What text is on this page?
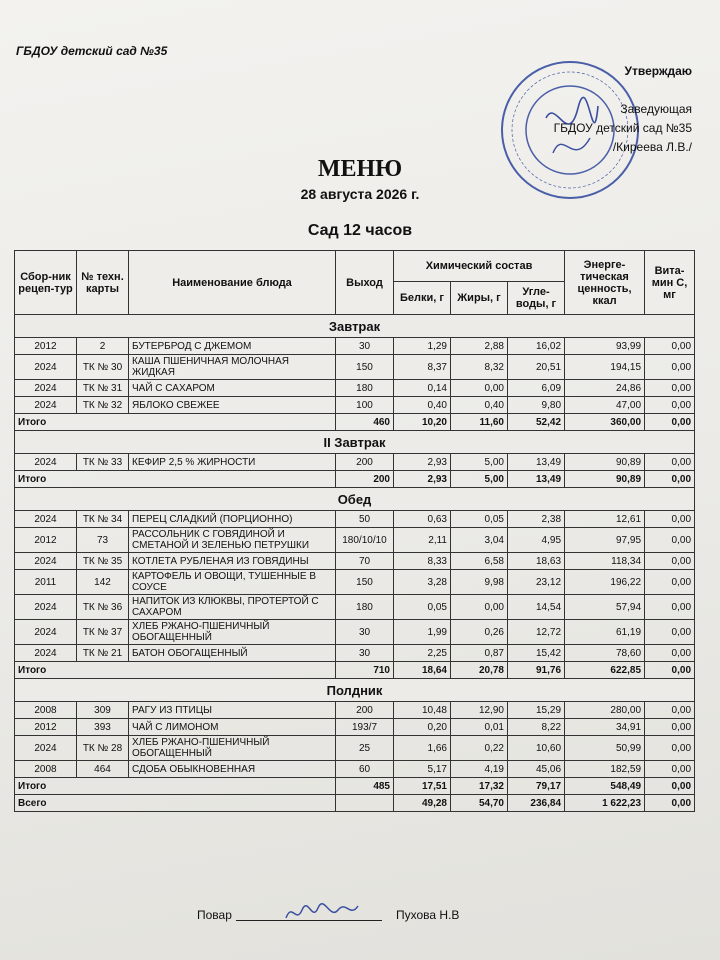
ГБДОУ детский сад №35
Утверждаю
Заведующая
ГБДОУ детский сад №35
/Киреева Л.В./
МЕНЮ
28 августа 2026 г.
Сад 12 часов
Сбор-ник рецеп-тур	№ техн. карты	Наименование блюда	Выход	Химический состав			Энерге-тическая ценность, ккал	Вита-мин С, мг
				Белки, г	Жиры, г	Угле-воды, г		
Завтрак								
2012	2	БУТЕРБРОД С ДЖЕМОМ	30	1,29	2,88	16,02	93,99	0,00
2024	ТК № 30	КАША ПШЕНИЧНАЯ МОЛОЧНАЯ ЖИДКАЯ	150	8,37	8,32	20,51	194,15	0,00
2024	ТК № 31	ЧАЙ С САХАРОМ	180	0,14	0,00	6,09	24,86	0,00
2024	ТК № 32	ЯБЛОКО СВЕЖЕЕ	100	0,40	0,40	9,80	47,00	0,00
Итого			460	10,20	11,60	52,42	360,00	0,00
II Завтрак								
2024	ТК № 33	КЕФИР 2,5 % ЖИРНОСТИ	200	2,93	5,00	13,49	90,89	0,00
Итого			200	2,93	5,00	13,49	90,89	0,00
Обед								
2024	ТК № 34	ПЕРЕЦ СЛАДКИЙ (ПОРЦИОННО)	50	0,63	0,05	2,38	12,61	0,00
2012	73	РАССОЛЬНИК С ГОВЯДИНОЙ И СМЕТАНОЙ И ЗЕЛЕНЬЮ ПЕТРУШКИ	180/10/10	2,11	3,04	4,95	97,95	0,00
2024	ТК № 35	КОТЛЕТА РУБЛЕНАЯ ИЗ ГОВЯДИНЫ	70	8,33	6,58	18,63	118,34	0,00
2011	142	КАРТОФЕЛЬ И ОВОЩИ, ТУШЕННЫЕ В СОУСЕ	150	3,28	9,98	23,12	196,22	0,00
2024	ТК № 36	НАПИТОК ИЗ КЛЮКВЫ, ПРОТЕРТОЙ С САХАРОМ	180	0,05	0,00	14,54	57,94	0,00
2024	ТК № 37	ХЛЕБ РЖАНО-ПШЕНИЧНЫЙ ОБОГАЩЕННЫЙ	30	1,99	0,26	12,72	61,19	0,00
2024	ТК № 21	БАТОН ОБОГАЩЕННЫЙ	30	2,25	0,87	15,42	78,60	0,00
Итого			710	18,64	20,78	91,76	622,85	0,00
Полдник								
2008	309	РАГУ ИЗ ПТИЦЫ	200	10,48	12,90	15,29	280,00	0,00
2012	393	ЧАЙ С ЛИМОНОМ	193/7	0,20	0,01	8,22	34,91	0,00
2024	ТК № 28	ХЛЕБ РЖАНО-ПШЕНИЧНЫЙ ОБОГАЩЕННЫЙ	25	1,66	0,22	10,60	50,99	0,00
2008	464	СДОБА ОБЫКНОВЕННАЯ	60	5,17	4,19	45,06	182,59	0,00
Итого			485	17,51	17,32	79,17	548,49	0,00
Всего				49,28	54,70	236,84	1 622,23	0,00
Повар	Пухова Н.В
